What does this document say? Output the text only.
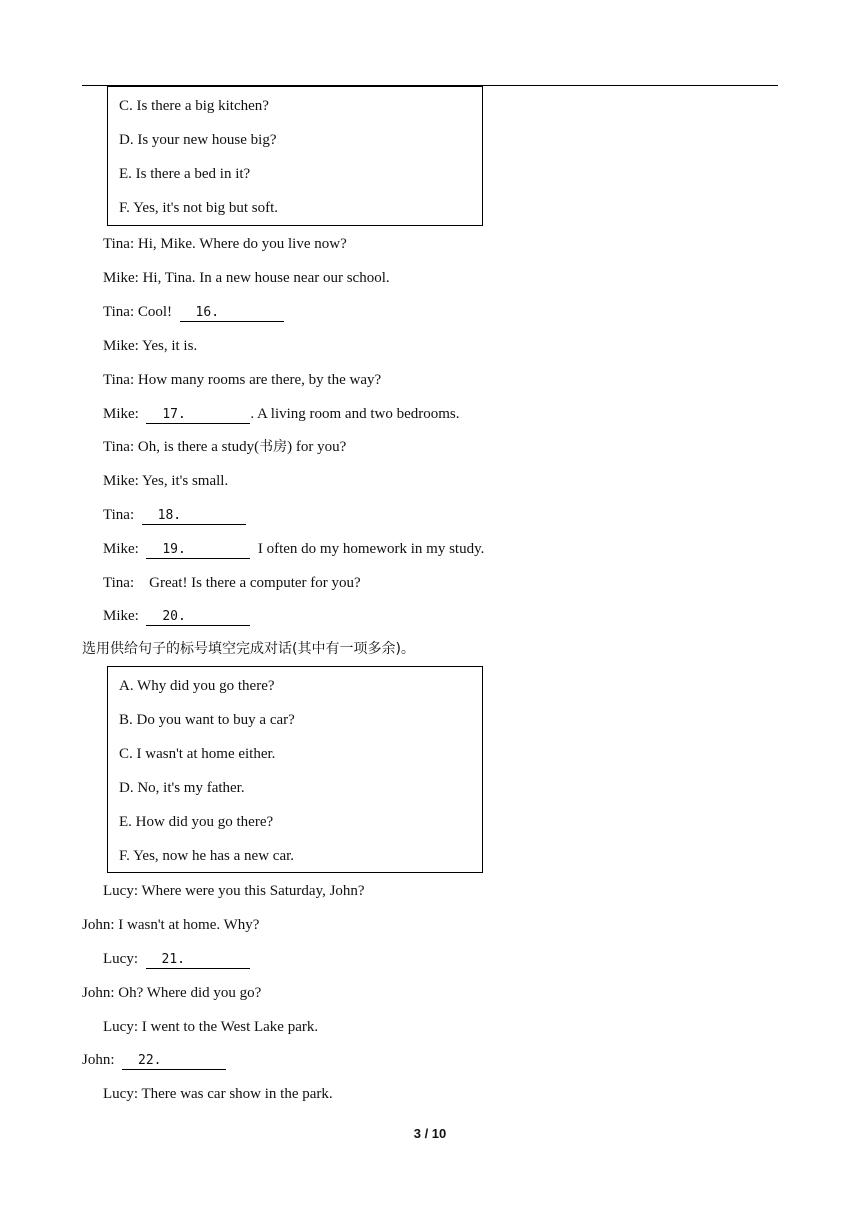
C. Is there a big kitchen?
D. Is your new house big?
E. Is there a bed in it?
F. Yes, it's not big but soft.
Tina: Hi, Mike. Where do you live now?
Mike: Hi, Tina. In a new house near our school.
Tina: Cool! 16.
Mike: Yes, it is.
Tina: How many rooms are there, by the way?
Mike: 17.	. A living room and two bedrooms.
Tina: Oh, is there a study(书房) for you?
Mike: Yes, it's small.
Tina: 18.
Mike: 19.	I often do my homework in my study.
Tina:    Great! Is there a computer for you?
Mike: 20.
选用供给句子的标号填空完成对话(其中有一项多余)。
A. Why did you go there?
B. Do you want to buy a car?
C. I wasn't at home either.
D. No, it's my father.
E. How did you go there?
F. Yes, now he has a new car.
Lucy: Where were you this Saturday, John?
John: I wasn't at home. Why?
Lucy: 21.
John: Oh? Where did you go?
Lucy: I went to the West Lake park.
John: 22.
Lucy: There was car show in the park.
3 / 10
